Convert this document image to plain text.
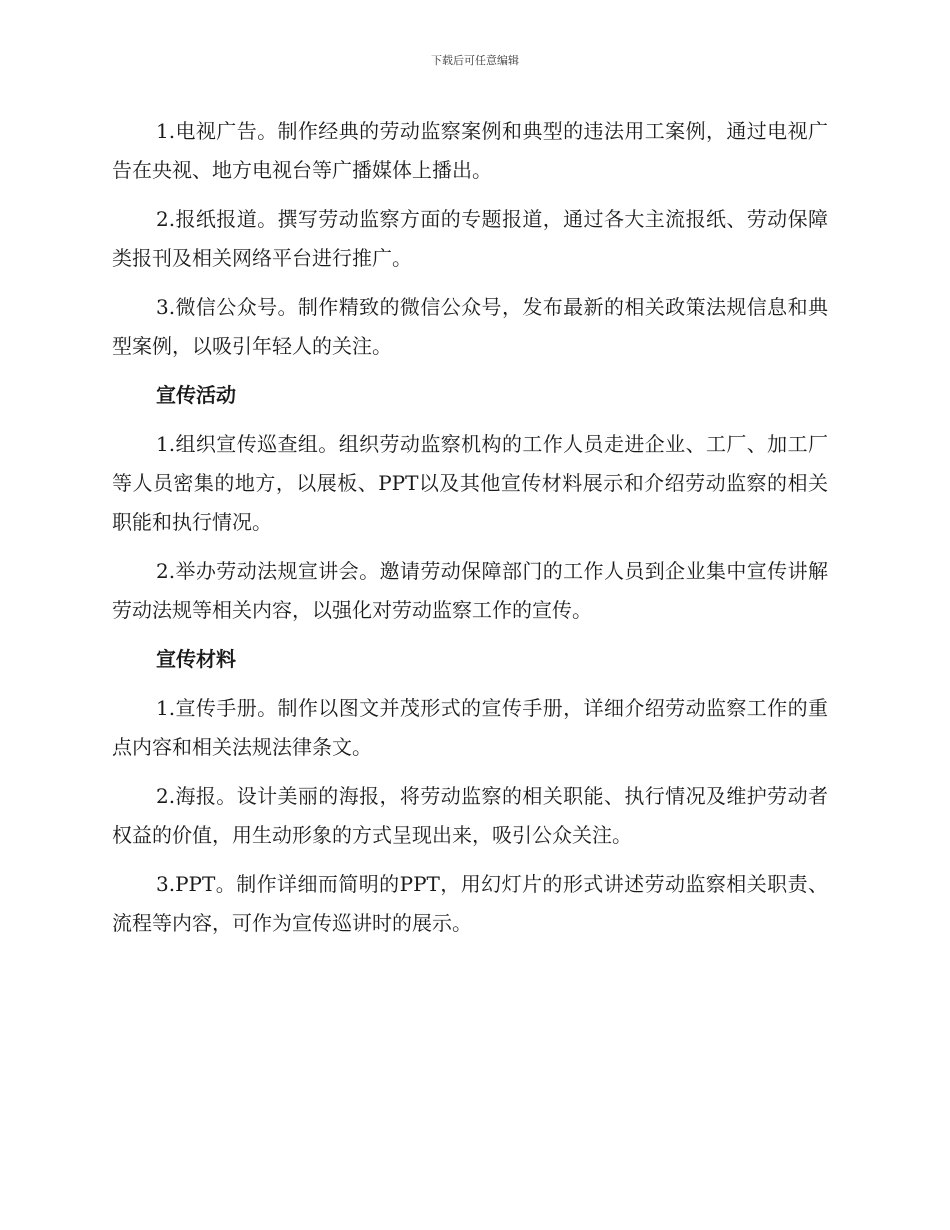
下载后可任意编辑

1.电视广告。制作经典的劳动监察案例和典型的违法用工案例，通过电视广告在央视、地方电视台等广播媒体上播出。

2.报纸报道。撰写劳动监察方面的专题报道，通过各大主流报纸、劳动保障类报刊及相关网络平台进行推广。

3.微信公众号。制作精致的微信公众号，发布最新的相关政策法规信息和典型案例，以吸引年轻人的关注。

宣传活动

1.组织宣传巡查组。组织劳动监察机构的工作人员走进企业、工厂、加工厂等人员密集的地方，以展板、PPT以及其他宣传材料展示和介绍劳动监察的相关职能和执行情况。

2.举办劳动法规宣讲会。邀请劳动保障部门的工作人员到企业集中宣传讲解劳动法规等相关内容，以强化对劳动监察工作的宣传。

宣传材料

1.宣传手册。制作以图文并茂形式的宣传手册，详细介绍劳动监察工作的重点内容和相关法规法律条文。

2.海报。设计美丽的海报，将劳动监察的相关职能、执行情况及维护劳动者权益的价值，用生动形象的方式呈现出来，吸引公众关注。

3.PPT。制作详细而简明的PPT，用幻灯片的形式讲述劳动监察相关职责、流程等内容，可作为宣传巡讲时的展示。
